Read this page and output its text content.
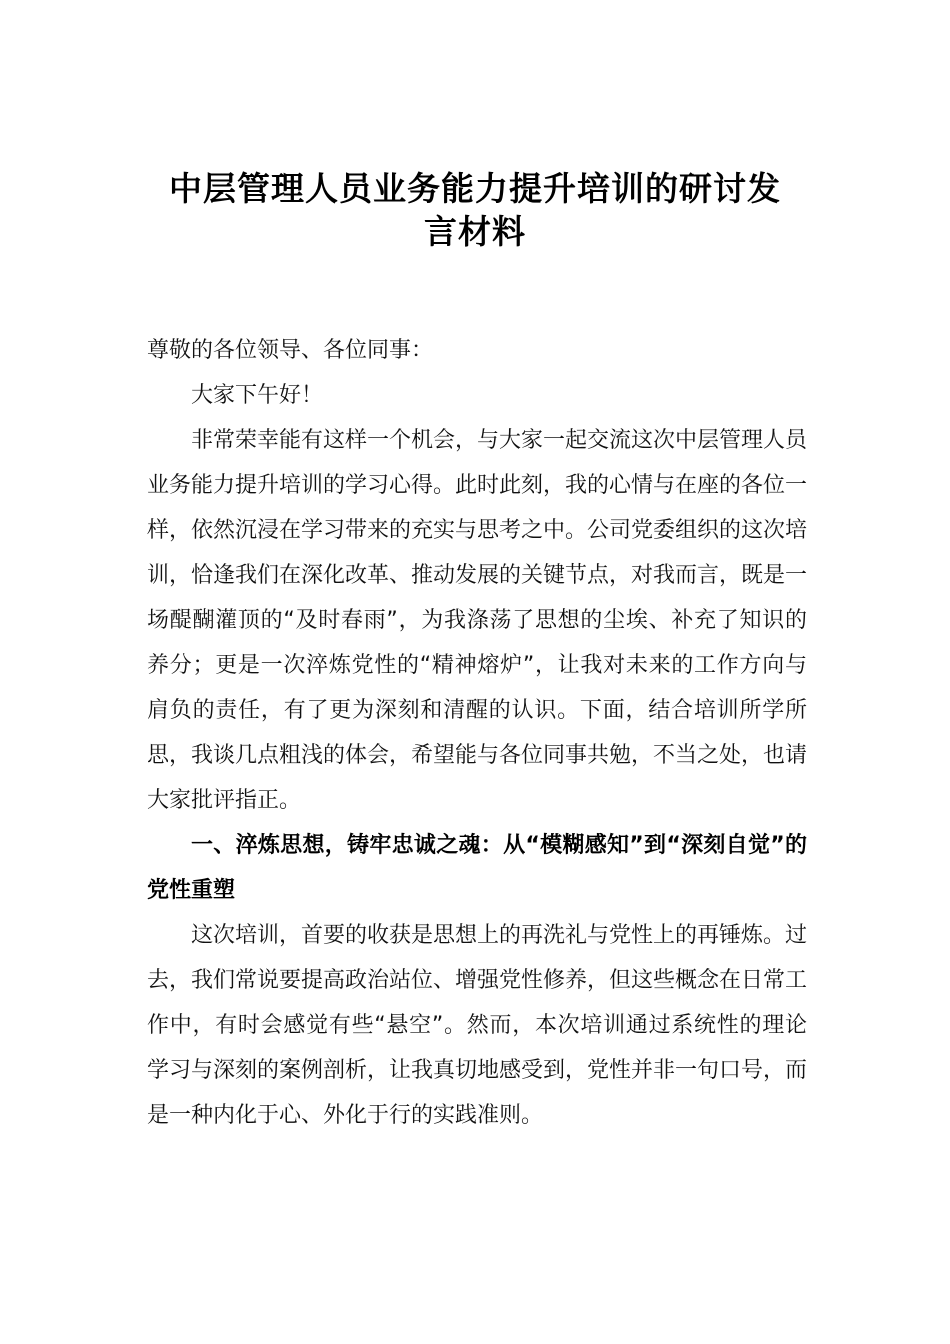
中层管理人员业务能力提升培训的研讨发
言材料

尊敬的各位领导、各位同事：

大家下午好！

非常荣幸能有这样一个机会，与大家一起交流这次中层管理人员业务能力提升培训的学习心得。此时此刻，我的心情与在座的各位一样，依然沉浸在学习带来的充实与思考之中。公司党委组织的这次培训，恰逢我们在深化改革、推动发展的关键节点，对我而言，既是一场醍醐灌顶的“及时春雨”，为我涤荡了思想的尘埃、补充了知识的养分；更是一次淬炼党性的“精神熔炉”，让我对未来的工作方向与肩负的责任，有了更为深刻和清醒的认识。下面，结合培训所学所思，我谈几点粗浅的体会，希望能与各位同事共勉，不当之处，也请大家批评指正。

一、淬炼思想，铸牢忠诚之魂：从“模糊感知”到“深刻自觉”的党性重塑

这次培训，首要的收获是思想上的再洗礼与党性上的再锤炼。过去，我们常说要提高政治站位、增强党性修养，但这些概念在日常工作中，有时会感觉有些“悬空”。然而，本次培训通过系统性的理论学习与深刻的案例剖析，让我真切地感受到，党性并非一句口号，而是一种内化于心、外化于行的实践准则。
